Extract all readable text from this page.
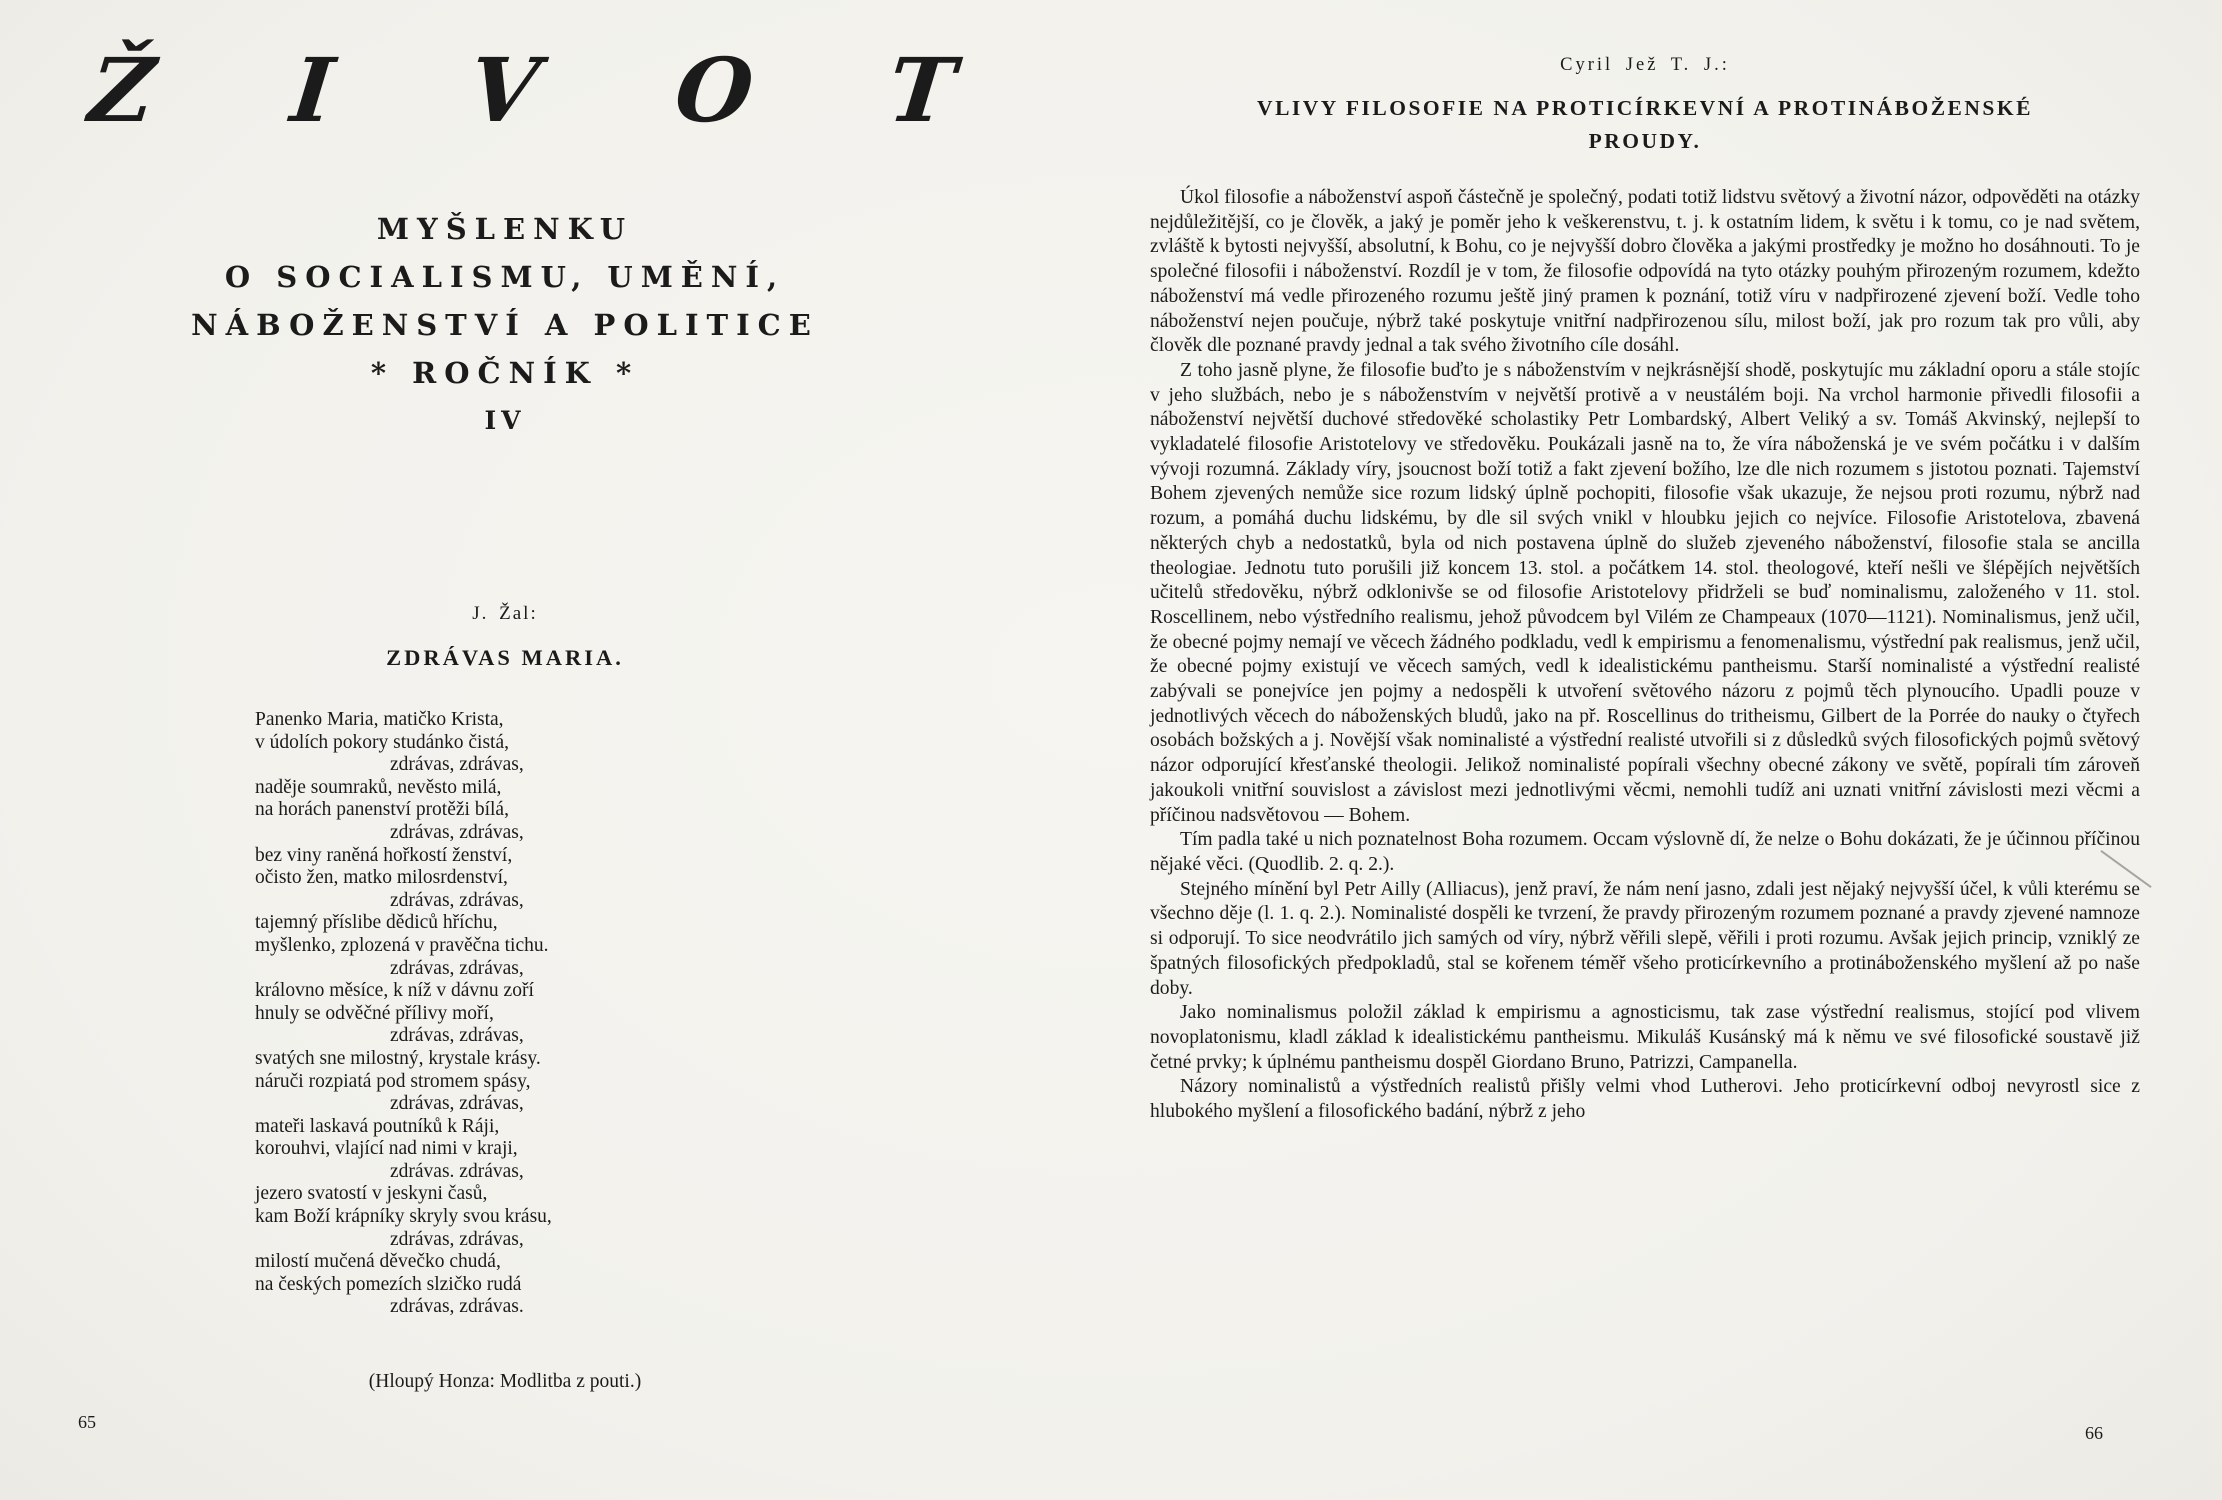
Ž I V O T
MYŠLENKU
O SOCIALISMU, UMĚNÍ,
NÁBOŽENSTVÍ A POLITICE
* ROČNÍK *
IV
J. Žal:
ZDRÁVAS MARIA.
Panenko Maria, matičko Krista,
v údolích pokory studánko čistá,
zdrávas, zdrávas,
naděje soumraků, nevěsto milá,
na horách panenství protěži bílá,
zdrávas, zdrávas,
bez viny raněná hořkostí ženství,
očisto žen, matko milosrdenství,
zdrávas, zdrávas,
tajemný příslibe dědiců hříchu,
myšlenko, zplozená v pravěčna tichu.
zdrávas, zdrávas,
královno měsíce, k níž v dávnu zoří
hnuly se odvěčné přílivy moří,
zdrávas, zdrávas,
svatých sne milostný, krystale krásy.
náruči rozpiatá pod stromem spásy,
zdrávas, zdrávas,
mateři laskavá poutníků k Ráji,
korouhvi, vlající nad nimi v kraji,
zdrávas. zdrávas,
jezero svatostí v jeskyni časů,
kam Boží krápníky skryly svou krásu,
zdrávas, zdrávas,
milostí mučená děvečko chudá,
na českých pomezích slzičko rudá
zdrávas, zdrávas.
(Hloupý Honza: Modlitba z pouti.)
65
Cyril Jež T. J.:
VLIVY FILOSOFIE NA PROTICÍRKEVNÍ A PROTINÁBOŽENSKÉ
PROUDY.

Úkol filosofie a náboženství aspoň částečně je společný, podati totiž lidstvu světový a životní názor, odpověděti na otázky nejdůležitější, co je člověk, a jaký je poměr jeho k veškerenstvu, t. j. k ostatním lidem, k světu i k tomu, co je nad světem, zvláště k bytosti nejvyšší, absolutní, k Bohu, co je nejvyšší dobro člověka a jakými prostředky je možno ho dosáhnouti. To je společné filosofii i náboženství. Rozdíl je v tom, že filosofie odpovídá na tyto otázky pouhým přirozeným rozumem, kdežto náboženství má vedle přirozeného rozumu ještě jiný pramen k poznání, totiž víru v nadpřirozené zjevení boží. Vedle toho náboženství nejen poučuje, nýbrž také poskytuje vnitřní nadpřirozenou sílu, milost boží, jak pro rozum tak pro vůli, aby člověk dle poznané pravdy jednal a tak svého životního cíle dosáhl.

Z toho jasně plyne, že filosofie buďto je s náboženstvím v nejkrásnější shodě, poskytujíc mu základní oporu a stále stojíc v jeho službách, nebo je s náboženstvím v největší protivě a v neustálém boji. Na vrchol harmonie přivedli filosofii a náboženství největší duchové středověké scholastiky Petr Lombardský, Albert Veliký a sv. Tomáš Akvinský, nejlepší to vykladatelé filosofie Aristotelovy ve středověku. Poukázali jasně na to, že víra náboženská je ve svém počátku i v dalším vývoji rozumná. Základy víry, jsoucnost boží totiž a fakt zjevení božího, lze dle nich rozumem s jistotou poznati. Tajemství Bohem zjevených nemůže sice rozum lidský úplně pochopiti, filosofie však ukazuje, že nejsou proti rozumu, nýbrž nad rozum, a pomáhá duchu lidskému, by dle sil svých vnikl v hloubku jejich co nejvíce. Filosofie Aristotelova, zbavená některých chyb a nedostatků, byla od nich postavena úplně do služeb zjeveného náboženství, filosofie stala se ancilla theologiae. Jednotu tuto porušili již koncem 13. stol. a počátkem 14. stol. theologové, kteří nešli ve šlépějích největších učitelů středověku, nýbrž odklonivše se od filosofie Aristotelovy přidrželi se buď nominalismu, založeného v 11. stol. Roscellinem, nebo výstředního realismu, jehož původcem byl Vilém ze Champeaux (1070—1121). Nominalismus, jenž učil, že obecné pojmy nemají ve věcech žádného podkladu, vedl k empirismu a fenomenalismu, výstřední pak realismus, jenž učil, že obecné pojmy existují ve věcech samých, vedl k idealistickému pantheismu. Starší nominalisté a výstřední realisté zabývali se ponejvíce jen pojmy a nedospěli k utvoření světového názoru z pojmů těch plynoucího. Upadli pouze v jednotlivých věcech do náboženských bludů, jako na př. Roscellinus do tritheismu, Gilbert de la Porrée do nauky o čtyřech osobách božských a j. Novější však nominalisté a výstřední realisté utvořili si z důsledků svých filosofických pojmů světový názor odporující křesťanské theologii. Jelikož nominalisté popírali všechny obecné zákony ve světě, popírali tím zároveň jakoukoli vnitřní souvislost a závislost mezi jednotlivými věcmi, nemohli tudíž ani uznati vnitřní závislosti mezi věcmi a příčinou nadsvětovou — Bohem.

Tím padla také u nich poznatelnost Boha rozumem. Occam výslovně dí, že nelze o Bohu dokázati, že je účinnou příčinou nějaké věci. (Quodlib. 2. q. 2.).

Stejného mínění byl Petr Ailly (Alliacus), jenž praví, že nám není jasno, zdali jest nějaký nejvyšší účel, k vůli kterému se všechno děje (l. 1. q. 2.). Nominalisté dospěli ke tvrzení, že pravdy přirozeným rozumem poznané a pravdy zjevené namnoze si odporují. To sice neodvrátilo jich samých od víry, nýbrž věřili slepě, věřili i proti rozumu. Avšak jejich princip, vzniklý ze špatných filosofických předpokladů, stal se kořenem téměř všeho proticírkevního a protináboženského myšlení až po naše doby.

Jako nominalismus položil základ k empirismu a agnosticismu, tak zase výstřední realismus, stojící pod vlivem novoplatonismu, kladl základ k idealistickému pantheismu. Mikuláš Kusánský má k němu ve své filosofické soustavě již četné prvky; k úplnému pantheismu dospěl Giordano Bruno, Patrizzi, Campanella.

Názory nominalistů a výstředních realistů přišly velmi vhod Lutherovi. Jeho proticírkevní odboj nevyrostl sice z hlubokého myšlení a filosofického badání, nýbrž z jeho

66
